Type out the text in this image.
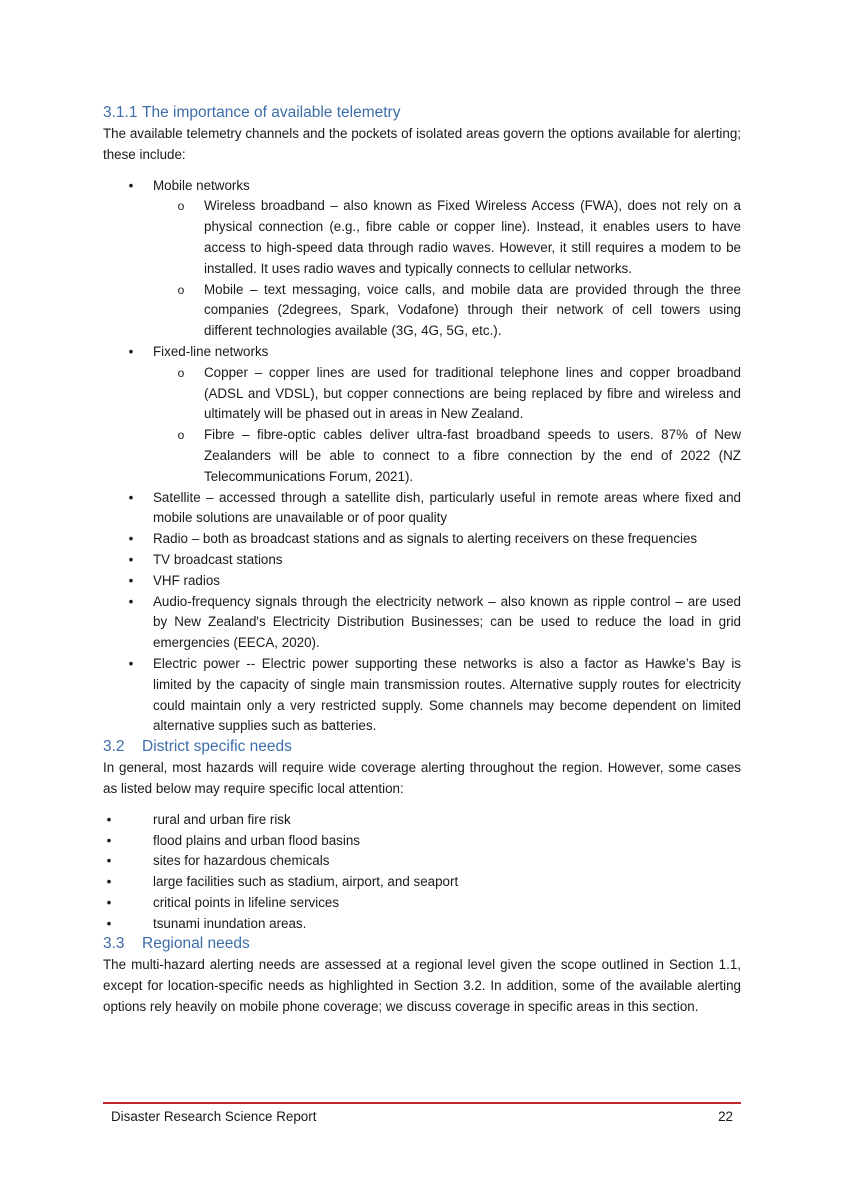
3.1.1 The importance of available telemetry

The available telemetry channels and the pockets of isolated areas govern the options available for alerting; these include:

• Mobile networks
o Wireless broadband – also known as Fixed Wireless Access (FWA), does not rely on a physical connection (e.g., fibre cable or copper line). Instead, it enables users to have access to high-speed data through radio waves. However, it still requires a modem to be installed. It uses radio waves and typically connects to cellular networks.
o Mobile – text messaging, voice calls, and mobile data are provided through the three companies (2degrees, Spark, Vodafone) through their network of cell towers using different technologies available (3G, 4G, 5G, etc.).
• Fixed-line networks
o Copper – copper lines are used for traditional telephone lines and copper broadband (ADSL and VDSL), but copper connections are being replaced by fibre and wireless and ultimately will be phased out in areas in New Zealand.
o Fibre – fibre-optic cables deliver ultra-fast broadband speeds to users. 87% of New Zealanders will be able to connect to a fibre connection by the end of 2022 (NZ Telecommunications Forum, 2021).
• Satellite – accessed through a satellite dish, particularly useful in remote areas where fixed and mobile solutions are unavailable or of poor quality
• Radio – both as broadcast stations and as signals to alerting receivers on these frequencies
• TV broadcast stations
• VHF radios
• Audio-frequency signals through the electricity network – also known as ripple control – are used by New Zealand's Electricity Distribution Businesses; can be used to reduce the load in grid emergencies (EECA, 2020).
• Electric power -- Electric power supporting these networks is also a factor as Hawke’s Bay is limited by the capacity of single main transmission routes. Alternative supply routes for electricity could maintain only a very restricted supply. Some channels may become dependent on limited alternative supplies such as batteries.
3.2 District specific needs

In general, most hazards will require wide coverage alerting throughout the region. However, some cases as listed below may require specific local attention:

•	rural and urban fire risk
•	flood plains and urban flood basins
•	sites for hazardous chemicals
•	large facilities such as stadium, airport, and seaport
•	critical points in lifeline services
•	tsunami inundation areas.
3.3 Regional needs

The multi-hazard alerting needs are assessed at a regional level given the scope outlined in Section 1.1, except for location-specific needs as highlighted in Section 3.2. In addition, some of the available alerting options rely heavily on mobile phone coverage; we discuss coverage in specific areas in this section.

Disaster Research Science Report	22
